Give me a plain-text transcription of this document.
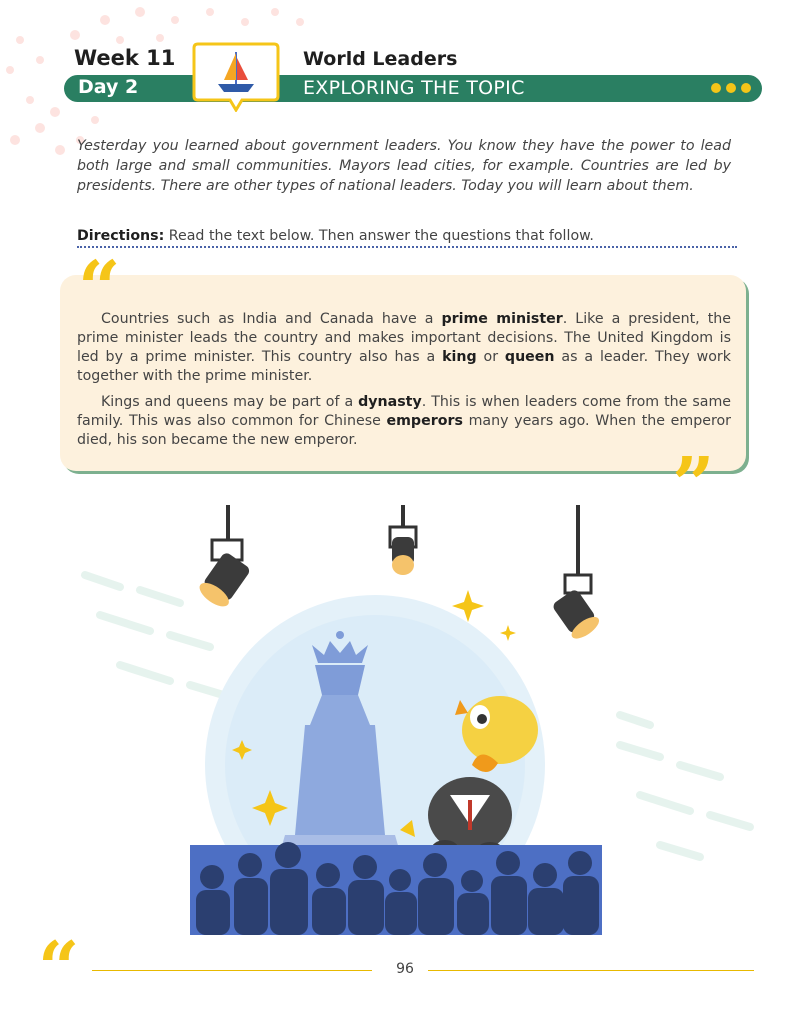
Week 11	World Leaders
Day 2	EXPLORING THE TOPIC
Yesterday you learned about government leaders. You know they have the power to lead both large and small communities. Mayors lead cities, for example. Countries are led by presidents. There are other types of national leaders. Today you will learn about them.
Directions: Read the text below. Then answer the questions that follow.
“
”

Countries such as India and Canada have a prime minister. Like a president, the prime minister leads the country and makes important decisions. The United Kingdom is led by a prime minister. This country also has a king or queen as a leader. They work together with the prime minister.

Kings and queens may be part of a dynasty. This is when leaders come from the same family. This was also common for Chinese emperors many years ago. When the emperor died, his son became the new emperor.

“	96
